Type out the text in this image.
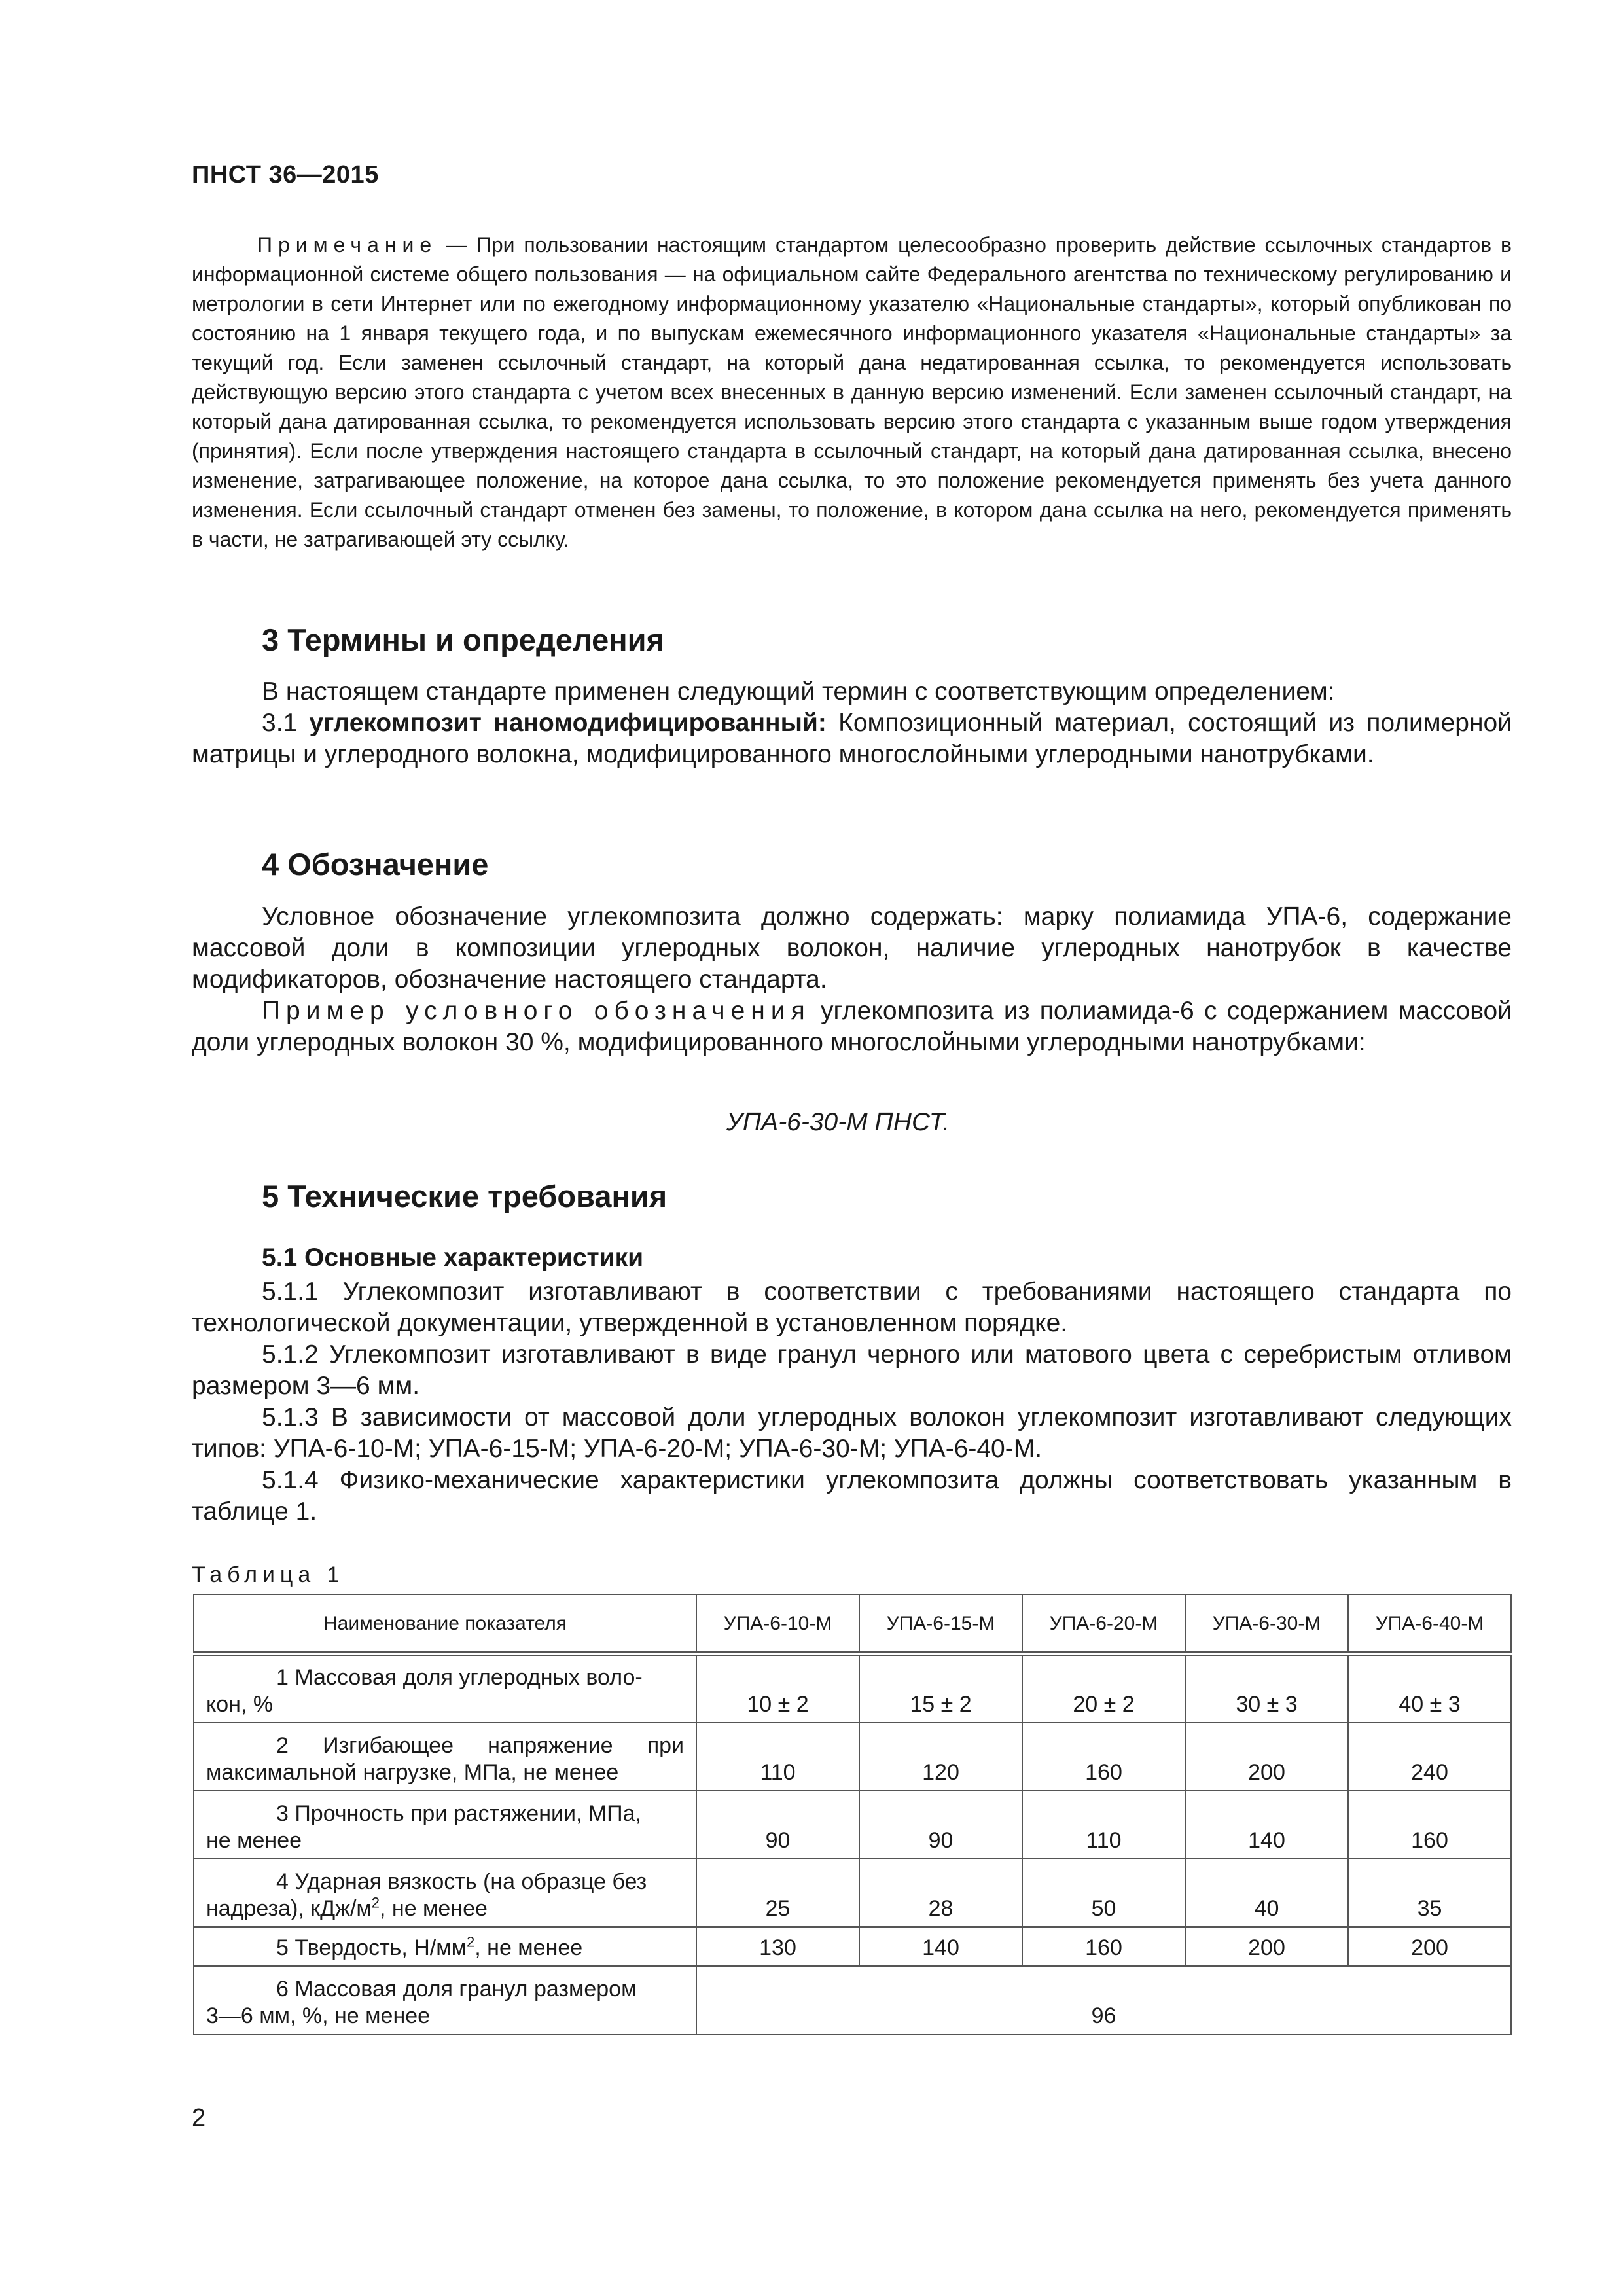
ПНСТ 36—2015
Примечание — При пользовании настоящим стандартом целесообразно проверить действие ссылочных стандартов в информационной системе общего пользования — на официальном сайте Федерального агентства по техническому регулированию и метрологии в сети Интернет или по ежегодному информационному указателю «Национальные стандарты», который опубликован по состоянию на 1 января текущего года, и по выпускам ежемесячного информационного указателя «Национальные стандарты» за текущий год. Если заменен ссылочный стандарт, на который дана недатированная ссылка, то рекомендуется использовать действующую версию этого стандарта с учетом всех внесенных в данную версию изменений. Если заменен ссылочный стандарт, на который дана датированная ссылка, то рекомендуется использовать версию этого стандарта с указанным выше годом утверждения (принятия). Если после утверждения настоящего стандарта в ссылочный стандарт, на который дана датированная ссылка, внесено изменение, затрагивающее положение, на которое дана ссылка, то это положение рекомендуется применять без учета данного изменения. Если ссылочный стандарт отменен без замены, то положение, в котором дана ссылка на него, рекомендуется применять в части, не затрагивающей эту ссылку.
3 Термины и определения

В настоящем стандарте применен следующий термин с соответствующим определением:

3.1 углекомпозит наномодифицированный: Композиционный материал, состоящий из полимерной матрицы и углеродного волокна, модифицированного многослойными углеродными нанотрубками.

4 Обозначение

Условное обозначение углекомпозита должно содержать: марку полиамида УПА-6, содержание массовой доли в композиции углеродных волокон, наличие углеродных нанотрубок в качестве модификаторов, обозначение настоящего стандарта.

Пример условного обозначения углекомпозита из полиамида-6 с содержанием массовой доли углеродных волокон 30 %, модифицированного многослойными углеродными нанотрубками:

УПА-6-30-М ПНСТ.
5 Технические требования
5.1 Основные характеристики

5.1.1 Углекомпозит изготавливают в соответствии с требованиями настоящего стандарта по технологической документации, утвержденной в установленном порядке.

5.1.2 Углекомпозит изготавливают в виде гранул черного или матового цвета с серебристым отливом размером 3—6 мм.

5.1.3 В зависимости от массовой доли углеродных волокон углекомпозит изготавливают следующих типов: УПА-6-10-М; УПА-6-15-М; УПА-6-20-М; УПА-6-30-М; УПА-6-40-М.

5.1.4 Физико-механические характеристики углекомпозита должны соответствовать указанным в таблице 1.

Таблица 1
Наименование показателя	УПА-6-10-М	УПА-6-15-М	УПА-6-20-М	УПА-6-30-М	УПА-6-40-М

1 Массовая доля углеродных воло-
кон, %	10 ± 2	15 ± 2	20 ± 2	30 ± 3	40 ± 3

2 Изгибающее напряжение при
максимальной нагрузке, МПа, не менее	110	120	160	200	240

3 Прочность при растяжении, МПа,
не менее	90	90	110	140	160

4 Ударная вязкость (на образце без
надреза), кДж/$м^2$, не менее	25	28	50	40	35

5 Твердость, $Н/мм^2$, не менее	130	140	160	200	200

6 Массовая доля гранул размером
3—6 мм, %, не менее	96				
2
